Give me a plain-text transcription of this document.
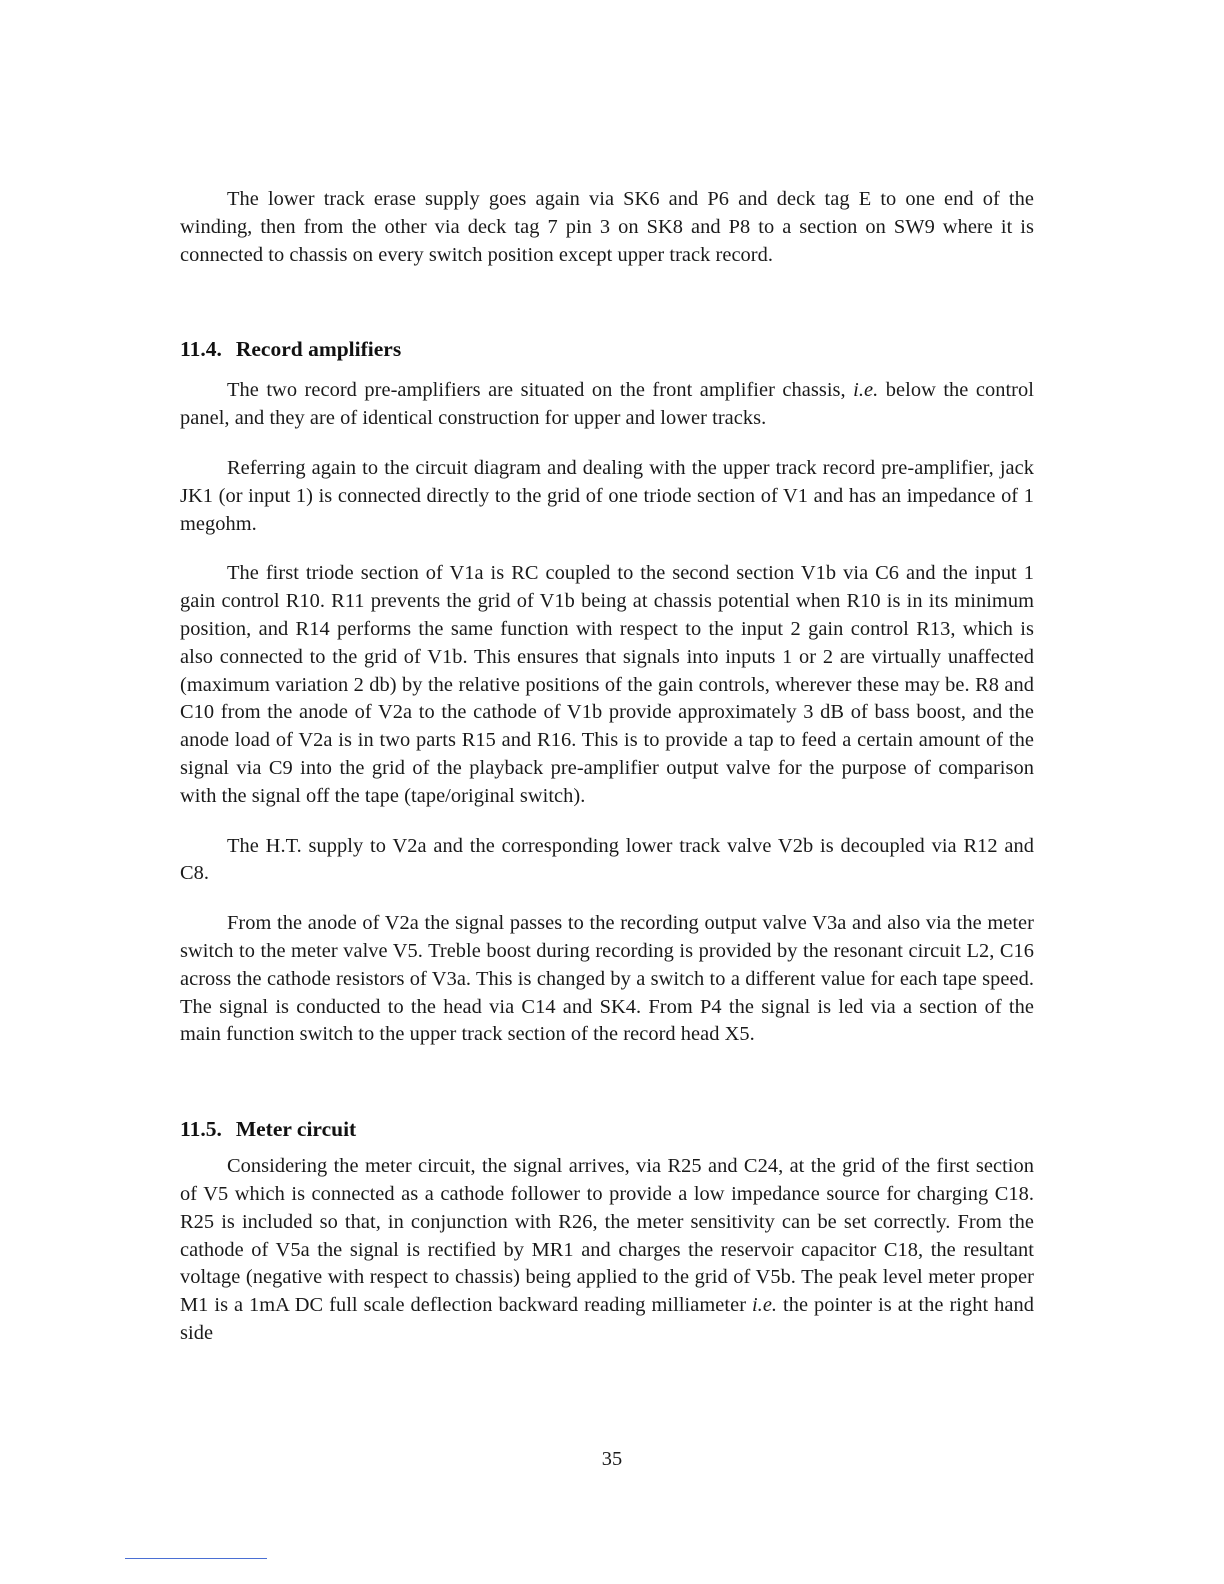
The lower track erase supply goes again via SK6 and P6 and deck tag E to one end of the winding, then from the other via deck tag 7 pin 3 on SK8 and P8 to a section on SW9 where it is connected to chassis on every switch position except upper track record.

11.4. Record amplifiers

The two record pre-amplifiers are situated on the front amplifier chassis, i.e. below the control panel, and they are of identical construction for upper and lower tracks.

Referring again to the circuit diagram and dealing with the upper track record pre-amplifier, jack JK1 (or input 1) is connected directly to the grid of one triode section of V1 and has an impedance of 1 megohm.

The first triode section of V1a is RC coupled to the second section V1b via C6 and the input 1 gain control R10. R11 prevents the grid of V1b being at chassis potential when R10 is in its minimum position, and R14 performs the same function with respect to the input 2 gain control R13, which is also connected to the grid of V1b. This ensures that signals into inputs 1 or 2 are virtually unaffected (maximum variation 2 db) by the relative positions of the gain controls, wherever these may be. R8 and C10 from the anode of V2a to the cathode of V1b provide approximately 3 dB of bass boost, and the anode load of V2a is in two parts R15 and R16. This is to provide a tap to feed a certain amount of the signal via C9 into the grid of the playback pre-amplifier output valve for the purpose of comparison with the signal off the tape (tape/original switch).

The H.T. supply to V2a and the corresponding lower track valve V2b is decoupled via R12 and C8.

From the anode of V2a the signal passes to the recording output valve V3a and also via the meter switch to the meter valve V5. Treble boost during recording is provided by the resonant circuit L2, C16 across the cathode resistors of V3a. This is changed by a switch to a different value for each tape speed. The signal is conducted to the head via C14 and SK4. From P4 the signal is led via a section of the main function switch to the upper track section of the record head X5.

11.5. Meter circuit

Considering the meter circuit, the signal arrives, via R25 and C24, at the grid of the first section of V5 which is connected as a cathode follower to provide a low impedance source for charging C18. R25 is included so that, in conjunction with R26, the meter sensitivity can be set correctly. From the cathode of V5a the signal is rectified by MR1 and charges the reservoir capacitor C18, the resultant voltage (negative with respect to chassis) being applied to the grid of V5b. The peak level meter proper M1 is a 1mA DC full scale deflection backward reading milliameter i.e. the pointer is at the right hand side

35
